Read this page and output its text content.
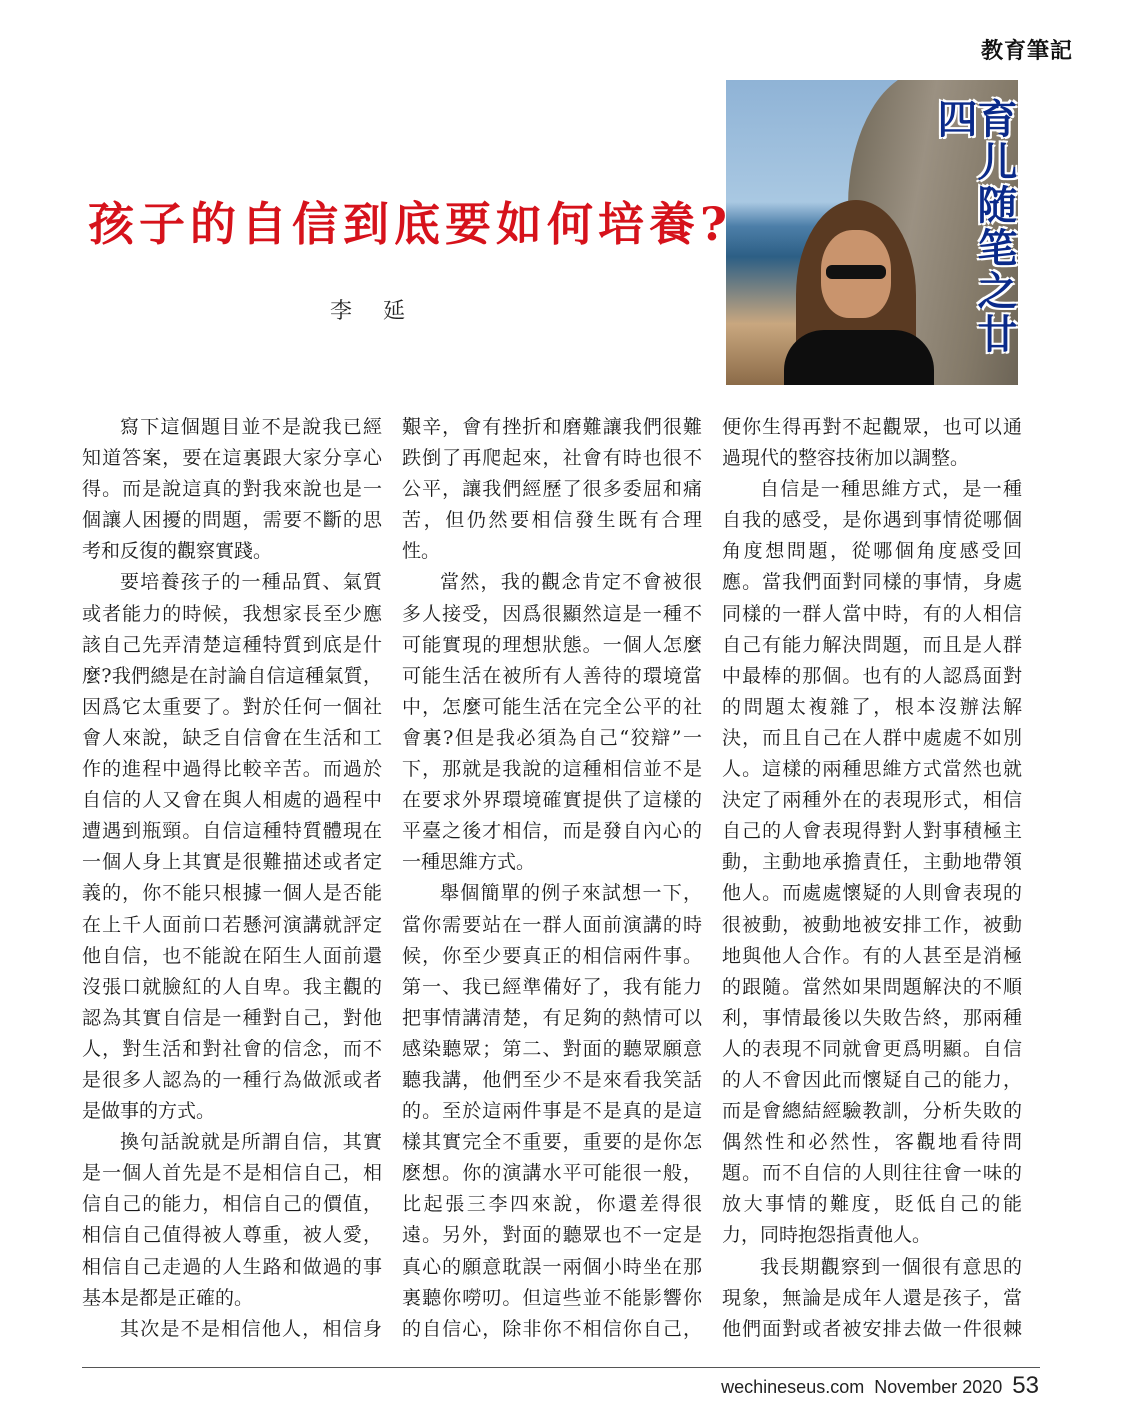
教育筆記
育儿随笔之廿四
孩子的自信到底要如何培養?
李 延

寫下這個題目並不是說我已經知道答案，要在這裏跟大家分享心得。而是說這真的對我來說也是一個讓人困擾的問題，需要不斷的思考和反復的觀察實踐。

要培養孩子的一種品質、氣質或者能力的時候，我想家長至少應該自己先弄清楚這種特質到底是什麼?我們總是在討論自信這種氣質，因爲它太重要了。對於任何一個社會人來說，缺乏自信會在生活和工作的進程中過得比較辛苦。而過於自信的人又會在與人相處的過程中遭遇到瓶頸。自信這種特質體現在一個人身上其實是很難描述或者定義的，你不能只根據一個人是否能在上千人面前口若懸河演講就評定他自信，也不能說在陌生人面前還沒張口就臉紅的人自卑。我主觀的認為其實自信是一種對自己，對他人，對生活和對社會的信念，而不是很多人認為的一種行為做派或者是做事的方式。

換句話說就是所謂自信，其實是一個人首先是不是相信自己，相信自己的能力，相信自己的價值，相信自己值得被人尊重，被人愛，相信自己走過的人生路和做過的事基本是都是正確的。

其次是不是相信他人，相信身

艱辛，會有挫折和磨難讓我們很難跌倒了再爬起來，社會有時也很不公平，讓我們經歷了很多委屈和痛苦，但仍然要相信發生既有合理性。

當然，我的觀念肯定不會被很多人接受，因爲很顯然這是一種不可能實現的理想狀態。一個人怎麼可能生活在被所有人善待的環境當中，怎麼可能生活在完全公平的社會裏?但是我必須為自己“狡辯”一下，那就是我說的這種相信並不是在要求外界環境確實提供了這樣的平臺之後才相信，而是發自內心的一種思維方式。

舉個簡單的例子來試想一下，當你需要站在一群人面前演講的時候，你至少要真正的相信兩件事。第一、我已經準備好了，我有能力把事情講清楚，有足夠的熱情可以感染聽眾；第二、對面的聽眾願意聽我講，他們至少不是來看我笑話的。至於這兩件事是不是真的是這樣其實完全不重要，重要的是你怎麽想。你的演講水平可能很一般，比起張三李四來說，你還差得很遠。另外，對面的聽眾也不一定是真心的願意耽誤一兩個小時坐在那裏聽你嘮叨。但這些並不能影響你的自信心，除非你不相信你自己，

便你生得再對不起觀眾，也可以通過現代的整容技術加以調整。

自信是一種思維方式，是一種自我的感受，是你遇到事情從哪個角度想問題，從哪個角度感受回應。當我們面對同樣的事情，身處同樣的一群人當中時，有的人相信自己有能力解決問題，而且是人群中最棒的那個。也有的人認爲面對的問題太複雜了，根本沒辦法解決，而且自己在人群中處處不如別人。這樣的兩種思維方式當然也就決定了兩種外在的表現形式，相信自己的人會表現得對人對事積極主動，主動地承擔責任，主動地帶領他人。而處處懷疑的人則會表現的很被動，被動地被安排工作，被動地與他人合作。有的人甚至是消極的跟隨。當然如果問題解決的不順利，事情最後以失敗告終，那兩種人的表現不同就會更爲明顯。自信的人不會因此而懷疑自己的能力，而是會總結經驗教訓，分析失敗的偶然性和必然性，客觀地看待問題。而不自信的人則往往會一味的放大事情的難度，貶低自己的能力，同時抱怨指責他人。

我長期觀察到一個很有意思的現象，無論是成年人還是孩子，當他們面對或者被安排去做一件很棘

wechineseus.com November 2020 53
